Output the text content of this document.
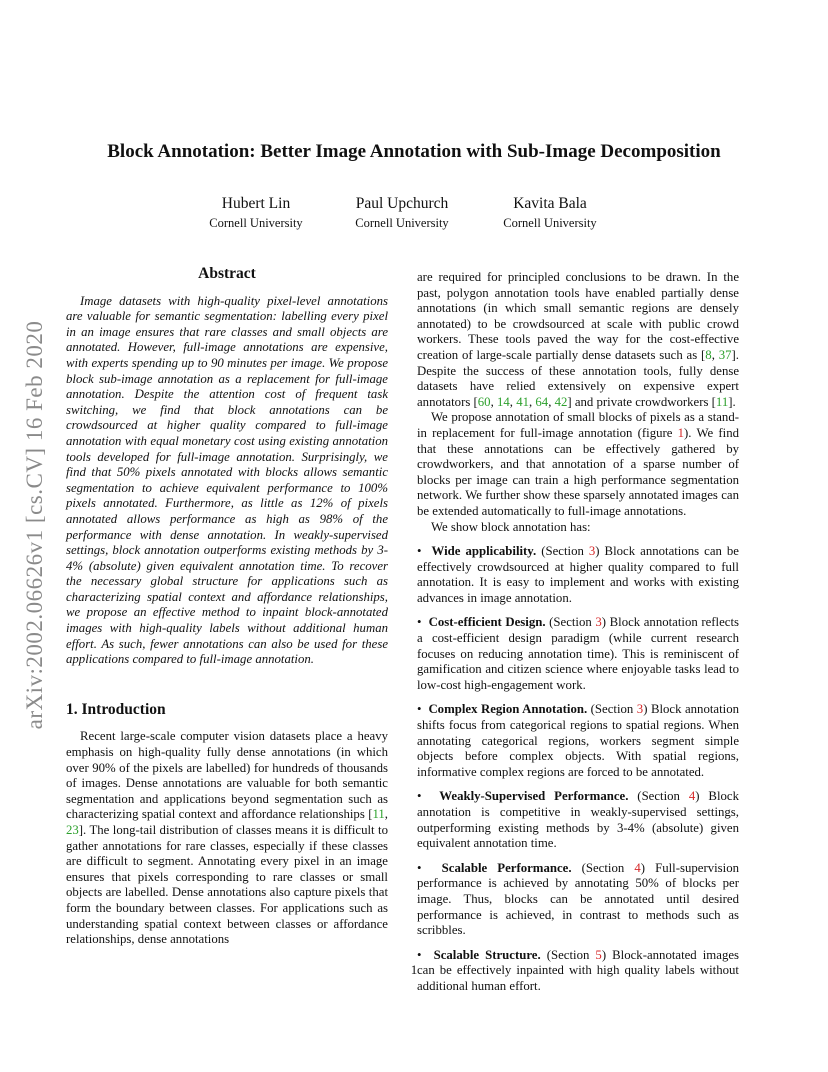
arXiv:2002.06626v1 [cs.CV] 16 Feb 2020
Block Annotation: Better Image Annotation with Sub-Image Decomposition
Hubert Lin
Cornell University
Paul Upchurch
Cornell University
Kavita Bala
Cornell University
Abstract

Image datasets with high-quality pixel-level annotations are valuable for semantic segmentation: labelling every pixel in an image ensures that rare classes and small objects are annotated. However, full-image annotations are expensive, with experts spending up to 90 minutes per image. We propose block sub-image annotation as a replacement for full-image annotation. Despite the attention cost of frequent task switching, we find that block annotations can be crowdsourced at higher quality compared to full-image annotation with equal monetary cost using existing annotation tools developed for full-image annotation. Surprisingly, we find that 50% pixels annotated with blocks allows semantic segmentation to achieve equivalent performance to 100% pixels annotated. Furthermore, as little as 12% of pixels annotated allows performance as high as 98% of the performance with dense annotation. In weakly-supervised settings, block annotation outperforms existing methods by 3-4% (absolute) given equivalent annotation time. To recover the necessary global structure for applications such as characterizing spatial context and affordance relationships, we propose an effective method to inpaint block-annotated images with high-quality labels without additional human effort. As such, fewer annotations can also be used for these applications compared to full-image annotation.

1. Introduction

Recent large-scale computer vision datasets place a heavy emphasis on high-quality fully dense annotations (in which over 90% of the pixels are labelled) for hundreds of thousands of images. Dense annotations are valuable for both semantic segmentation and applications beyond segmentation such as characterizing spatial context and affordance relationships [11, 23]. The long-tail distribution of classes means it is difficult to gather annotations for rare classes, especially if these classes are difficult to segment. Annotating every pixel in an image ensures that pixels corresponding to rare classes or small objects are labelled. Dense annotations also capture pixels that form the boundary between classes. For applications such as understanding spatial context between classes or affordance relationships, dense annotations

are required for principled conclusions to be drawn. In the past, polygon annotation tools have enabled partially dense annotations (in which small semantic regions are densely annotated) to be crowdsourced at scale with public crowd workers. These tools paved the way for the cost-effective creation of large-scale partially dense datasets such as [8, 37]. Despite the success of these annotation tools, fully dense datasets have relied extensively on expensive expert annotators [60, 14, 41, 64, 42] and private crowdworkers [11].

We propose annotation of small blocks of pixels as a stand-in replacement for full-image annotation (figure 1). We find that these annotations can be effectively gathered by crowdworkers, and that annotation of a sparse number of blocks per image can train a high performance segmentation network. We further show these sparsely annotated images can be extended automatically to full-image annotations.

We show block annotation has:

•  Wide applicability. (Section 3) Block annotations can be effectively crowdsourced at higher quality compared to full annotation. It is easy to implement and works with existing advances in image annotation.

•  Cost-efficient Design. (Section 3) Block annotation reflects a cost-efficient design paradigm (while current research focuses on reducing annotation time). This is reminiscent of gamification and citizen science where enjoyable tasks lead to low-cost high-engagement work.

•  Complex Region Annotation. (Section 3) Block annotation shifts focus from categorical regions to spatial regions. When annotating categorical regions, workers segment simple objects before complex objects. With spatial regions, informative complex regions are forced to be annotated.

•  Weakly-Supervised Performance. (Section 4) Block annotation is competitive in weakly-supervised settings, outperforming existing methods by 3-4% (absolute) given equivalent annotation time.

•  Scalable Performance. (Section 4) Full-supervision performance is achieved by annotating 50% of blocks per image. Thus, blocks can be annotated until desired performance is achieved, in contrast to methods such as scribbles.

•  Scalable Structure. (Section 5) Block-annotated images can be effectively inpainted with high quality labels without additional human effort.

1
